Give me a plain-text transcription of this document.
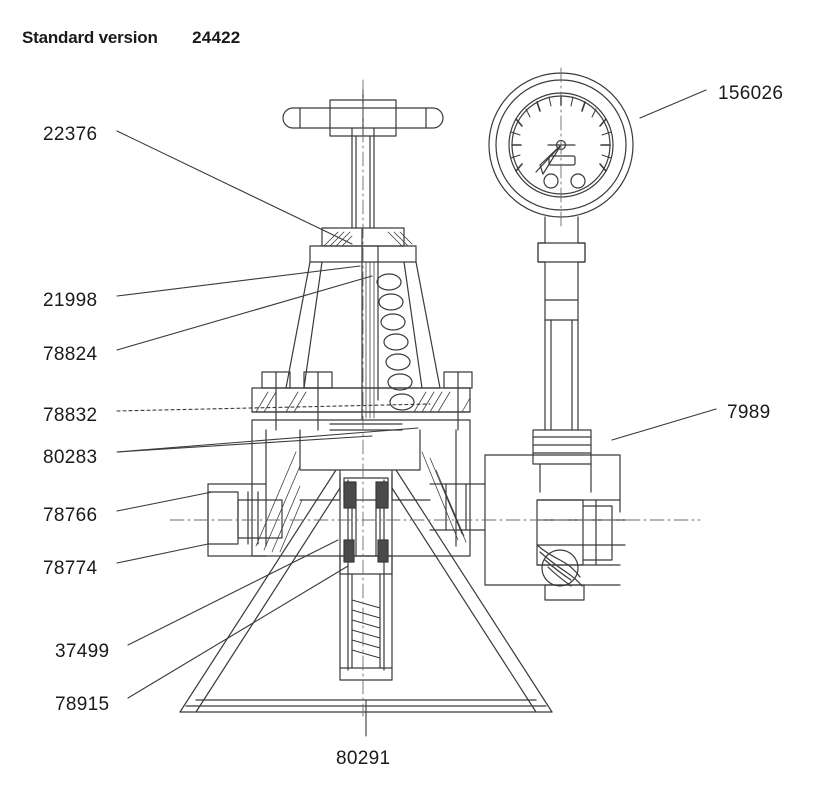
Standard version 24422
156026
22376
21998
78824
78832
80283
7989
78766
78774
37499
78915
80291
